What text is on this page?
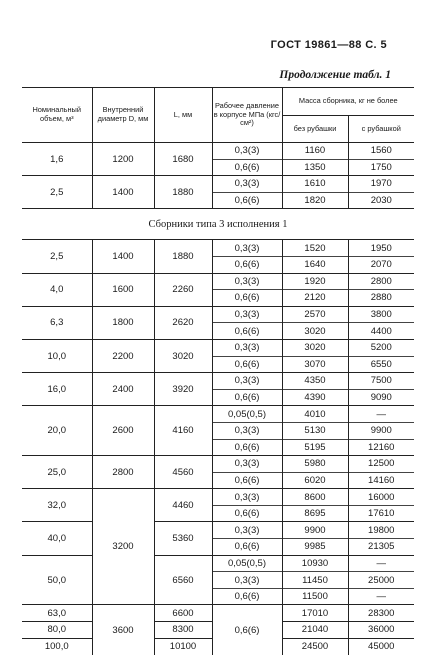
ГОСТ 19861—88 С. 5
Продолжение табл. 1
Номинальный объем, м³	Внутренний диаметр D, мм	L, мм	Рабочее давление в корпусе МПа (кгс/см²)	Масса сборника, кг не более	
				без рубашки	с рубашкой
1,6	1200	1680	0,3(3)	1160	1560
			0,6(6)	1350	1750
2,5	1400	1880	0,3(3)	1610	1970
			0,6(6)	1820	2030
Сборники типа 3 исполнения 1					
2,5	1400	1880	0,3(3)	1520	1950
			0,6(6)	1640	2070
4,0	1600	2260	0,3(3)	1920	2800
			0,6(6)	2120	2880
6,3	1800	2620	0,3(3)	2570	3800
			0,6(6)	3020	4400
10,0	2200	3020	0,3(3)	3020	5200
			0,6(6)	3070	6550
16,0	2400	3920	0,3(3)	4350	7500
			0,6(6)	4390	9090
20,0	2600	4160	0,05(0,5)	4010	—
			0,3(3)	5130	9900
			0,6(6)	5195	12160
25,0	2800	4560	0,3(3)	5980	12500
			0,6(6)	6020	14160
32,0	3200	4460	0,3(3)	8600	16000
			0,6(6)	8695	17610
40,0		5360	0,3(3)	9900	19800
			0,6(6)	9985	21305
50,0		6560	0,05(0,5)	10930	—
			0,3(3)	11450	25000
			0,6(6)	11500	—
63,0	3600	6600	0,6(6)	17010	28300
80,0		8300		21040	36000
100,0		10100		24500	45000
